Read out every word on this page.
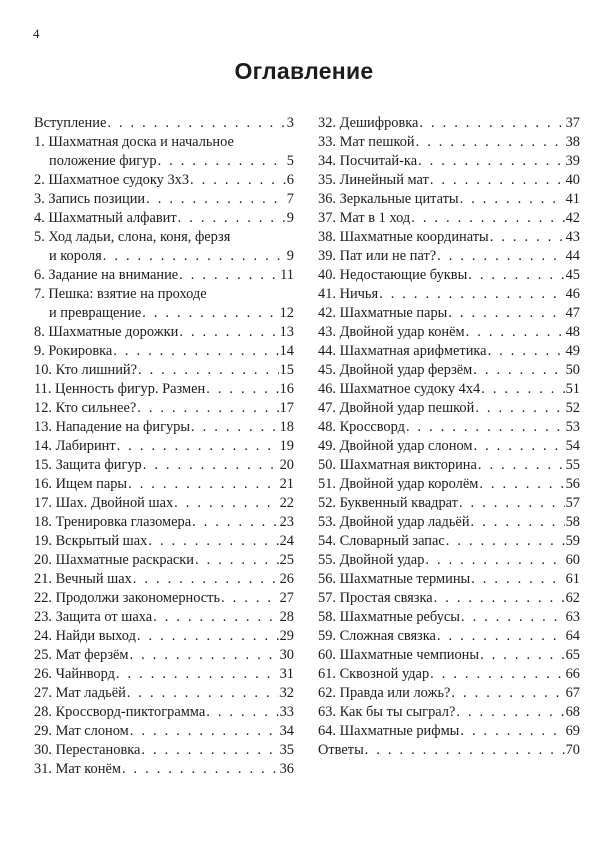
4
Оглавление
Вступление . . .	3
1. Шахматная доска и начальное
положение фигур . . .	5
2. Шахматное судоку 3х3 . . .	6
3. Запись позиции . . .	7
4. Шахматный алфавит . . .	9
5. Ход ладьи, слона, коня, ферзя
и короля . . .	9
6. Задание на внимание . . .	11
7. Пешка: взятие на проходе
и превращение . . .	12
8. Шахматные дорожки . . .	13
9. Рокировка . . .	14
10. Кто лишний? . . .	15
11. Ценность фигур. Размен . . .	16
12. Кто сильнее? . . .	17
13. Нападение на фигуры . . .	18
14. Лабиринт . . .	19
15. Защита фигур . . .	20
16. Ищем пары . . .	21
17. Шах. Двойной шах . . .	22
18. Тренировка глазомера . . .	23
19. Вскрытый шах . . .	24
20. Шахматные раскраски . . .	25
21. Вечный шах . . .	26
22. Продолжи закономерность . . .	27
23. Защита от шаха . . .	28
24. Найди выход . . .	29
25. Мат ферзём . . .	30
26. Чайнворд . . .	31
27. Мат ладьёй . . .	32
28. Кроссворд-пиктограмма . . .	33
29. Мат слоном . . .	34
30. Перестановка . . .	35
31. Мат конём . . .	36
32. Дешифровка . . .	37
33. Мат пешкой . . .	38
34. Посчитай-ка . . .	39
35. Линейный мат . . .	40
36. Зеркальные цитаты . . .	41
37. Мат в 1 ход . . .	42
38. Шахматные координаты . . .	43
39. Пат или не пат? . . .	44
40. Недостающие буквы . . .	45
41. Ничья . . .	46
42. Шахматные пары . . .	47
43. Двойной удар конём . . .	48
44. Шахматная арифметика . . .	49
45. Двойной удар ферзём . . .	50
46. Шахматное судоку 4х4 . . .	51
47. Двойной удар пешкой . . .	52
48. Кроссворд . . .	53
49. Двойной удар слоном . . .	54
50. Шахматная викторина . . .	55
51. Двойной удар королём . . .	56
52. Буквенный квадрат . . .	57
53. Двойной удар ладьёй . . .	58
54. Словарный запас . . .	59
55. Двойной удар . . .	60
56. Шахматные термины . . .	61
57. Простая связка . . .	62
58. Шахматные ребусы . . .	63
59. Сложная связка . . .	64
60. Шахматные чемпионы . . .	65
61. Сквозной удар . . .	66
62. Правда или ложь? . . .	67
63. Как бы ты сыграл? . . .	68
64. Шахматные рифмы . . .	69
Ответы . . .	70
